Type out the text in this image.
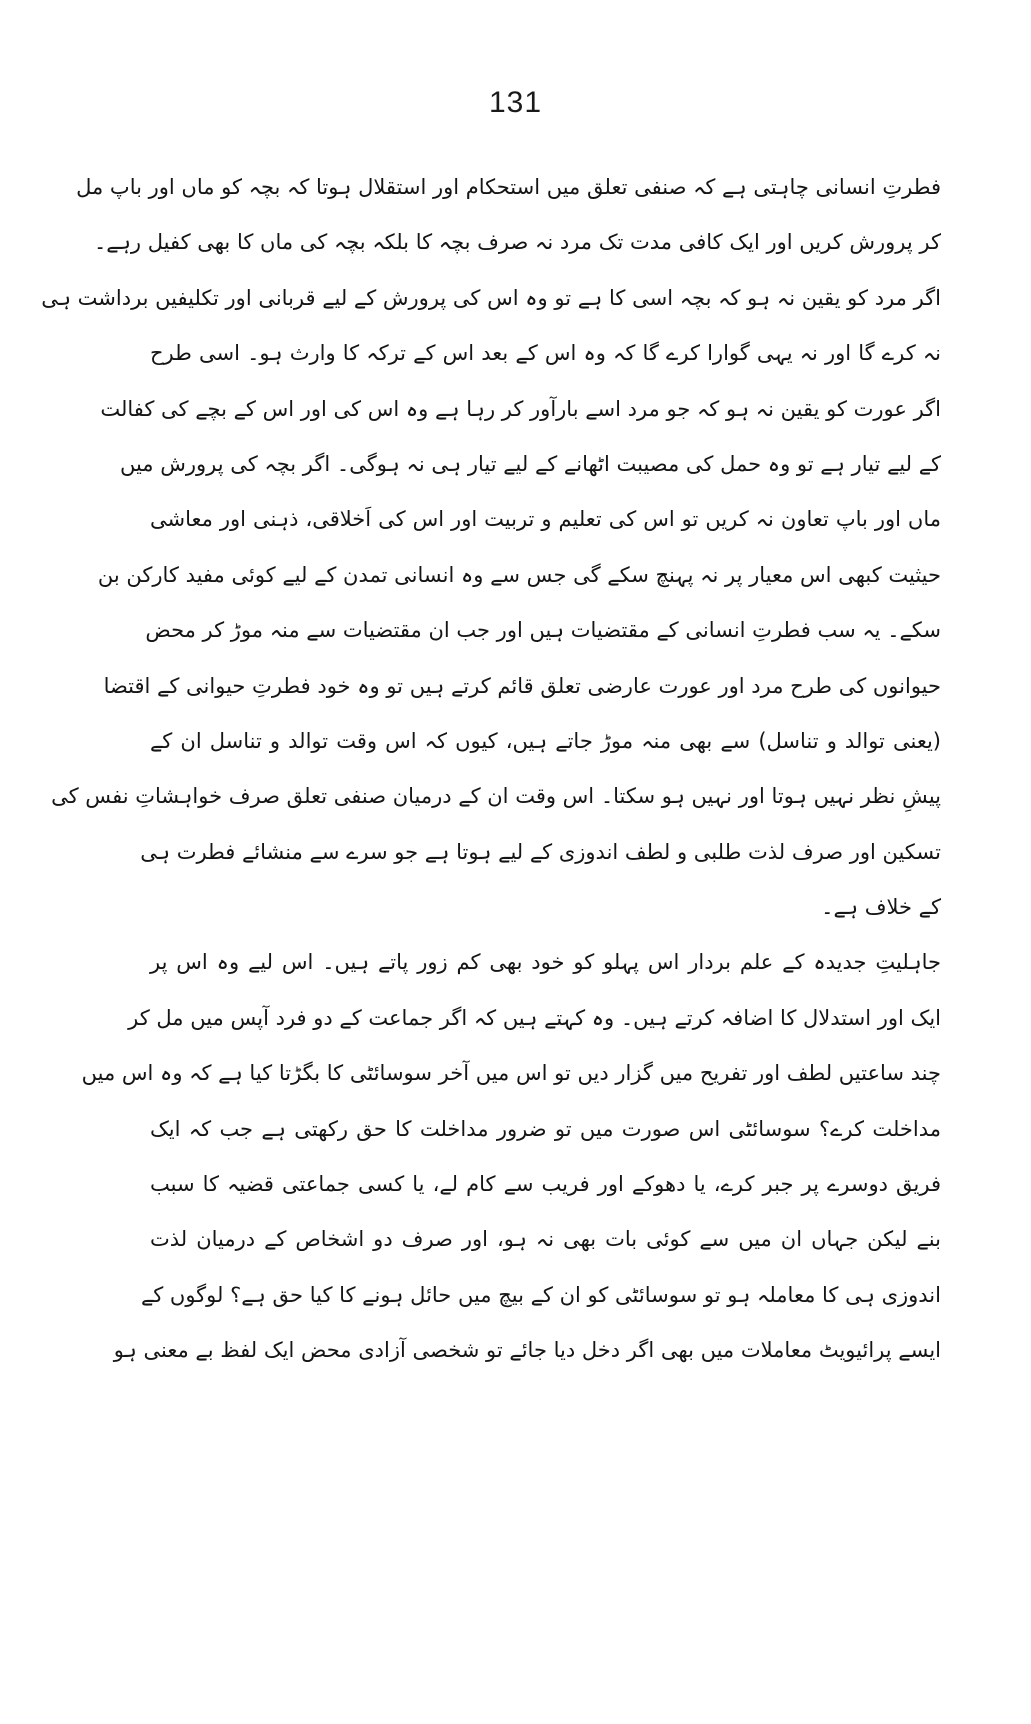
131
فطرتِ انسانی چاہتی ہے کہ صنفی تعلق میں استحکام اور استقلال ہوتا کہ بچہ کو ماں اور باپ مل
کر پرورش کریں اور ایک کافی مدت تک مرد نہ صرف بچہ کا بلکہ بچہ کی ماں کا بھی کفیل رہے۔
اگر مرد کو یقین نہ ہو کہ بچہ اسی کا ہے تو وہ اس کی پرورش کے لیے قربانی اور تکلیفیں برداشت ہی
نہ کرے گا اور نہ یہی گوارا کرے گا کہ وہ اس کے بعد اس کے ترکہ کا وارث ہو۔ اسی طرح
اگر عورت کو یقین نہ ہو کہ جو مرد اسے بارآور کر رہا ہے وہ اس کی اور اس کے بچے کی کفالت
کے لیے تیار ہے تو وہ حمل کی مصیبت اٹھانے کے لیے تیار ہی نہ ہوگی۔ اگر بچہ کی پرورش میں
ماں اور باپ تعاون نہ کریں تو اس کی تعلیم و تربیت اور اس کی اَخلاقی، ذہنی اور معاشی
حیثیت کبھی اس معیار پر نہ پہنچ سکے گی جس سے وہ انسانی تمدن کے لیے کوئی مفید کارکن بن
سکے۔ یہ سب فطرتِ انسانی کے مقتضیات ہیں اور جب ان مقتضیات سے منہ موڑ کر محض
حیوانوں کی طرح مرد اور عورت عارضی تعلق قائم کرتے ہیں تو وہ خود فطرتِ حیوانی کے اقتضا
(یعنی توالد و تناسل) سے بھی منہ موڑ جاتے ہیں، کیوں کہ اس وقت توالد و تناسل ان کے
پیشِ نظر نہیں ہوتا اور نہیں ہو سکتا۔ اس وقت ان کے درمیان صنفی تعلق صرف خواہشاتِ نفس کی
تسکین اور صرف لذت طلبی و لطف اندوزی کے لیے ہوتا ہے جو سرے سے منشائے فطرت ہی
کے خلاف ہے۔
جاہلیتِ جدیدہ کے علم بردار اس پہلو کو خود بھی کم زور پاتے ہیں۔ اس لیے وہ اس پر
ایک اور استدلال کا اضافہ کرتے ہیں۔ وہ کہتے ہیں کہ اگر جماعت کے دو فرد آپس میں مل کر
چند ساعتیں لطف اور تفریح میں گزار دیں تو اس میں آخر سوسائٹی کا بگڑتا کیا ہے کہ وہ اس میں
مداخلت کرے؟ سوسائٹی اس صورت میں تو ضرور مداخلت کا حق رکھتی ہے جب کہ ایک
فریق دوسرے پر جبر کرے، یا دھوکے اور فریب سے کام لے، یا کسی جماعتی قضیہ کا سبب
بنے لیکن جہاں ان میں سے کوئی بات بھی نہ ہو، اور صرف دو اشخاص کے درمیان لذت
اندوزی ہی کا معاملہ ہو تو سوسائٹی کو ان کے بیچ میں حائل ہونے کا کیا حق ہے؟ لوگوں کے
ایسے پرائیویٹ معاملات میں بھی اگر دخل دیا جائے تو شخصی آزادی محض ایک لفظ بے معنی ہو
